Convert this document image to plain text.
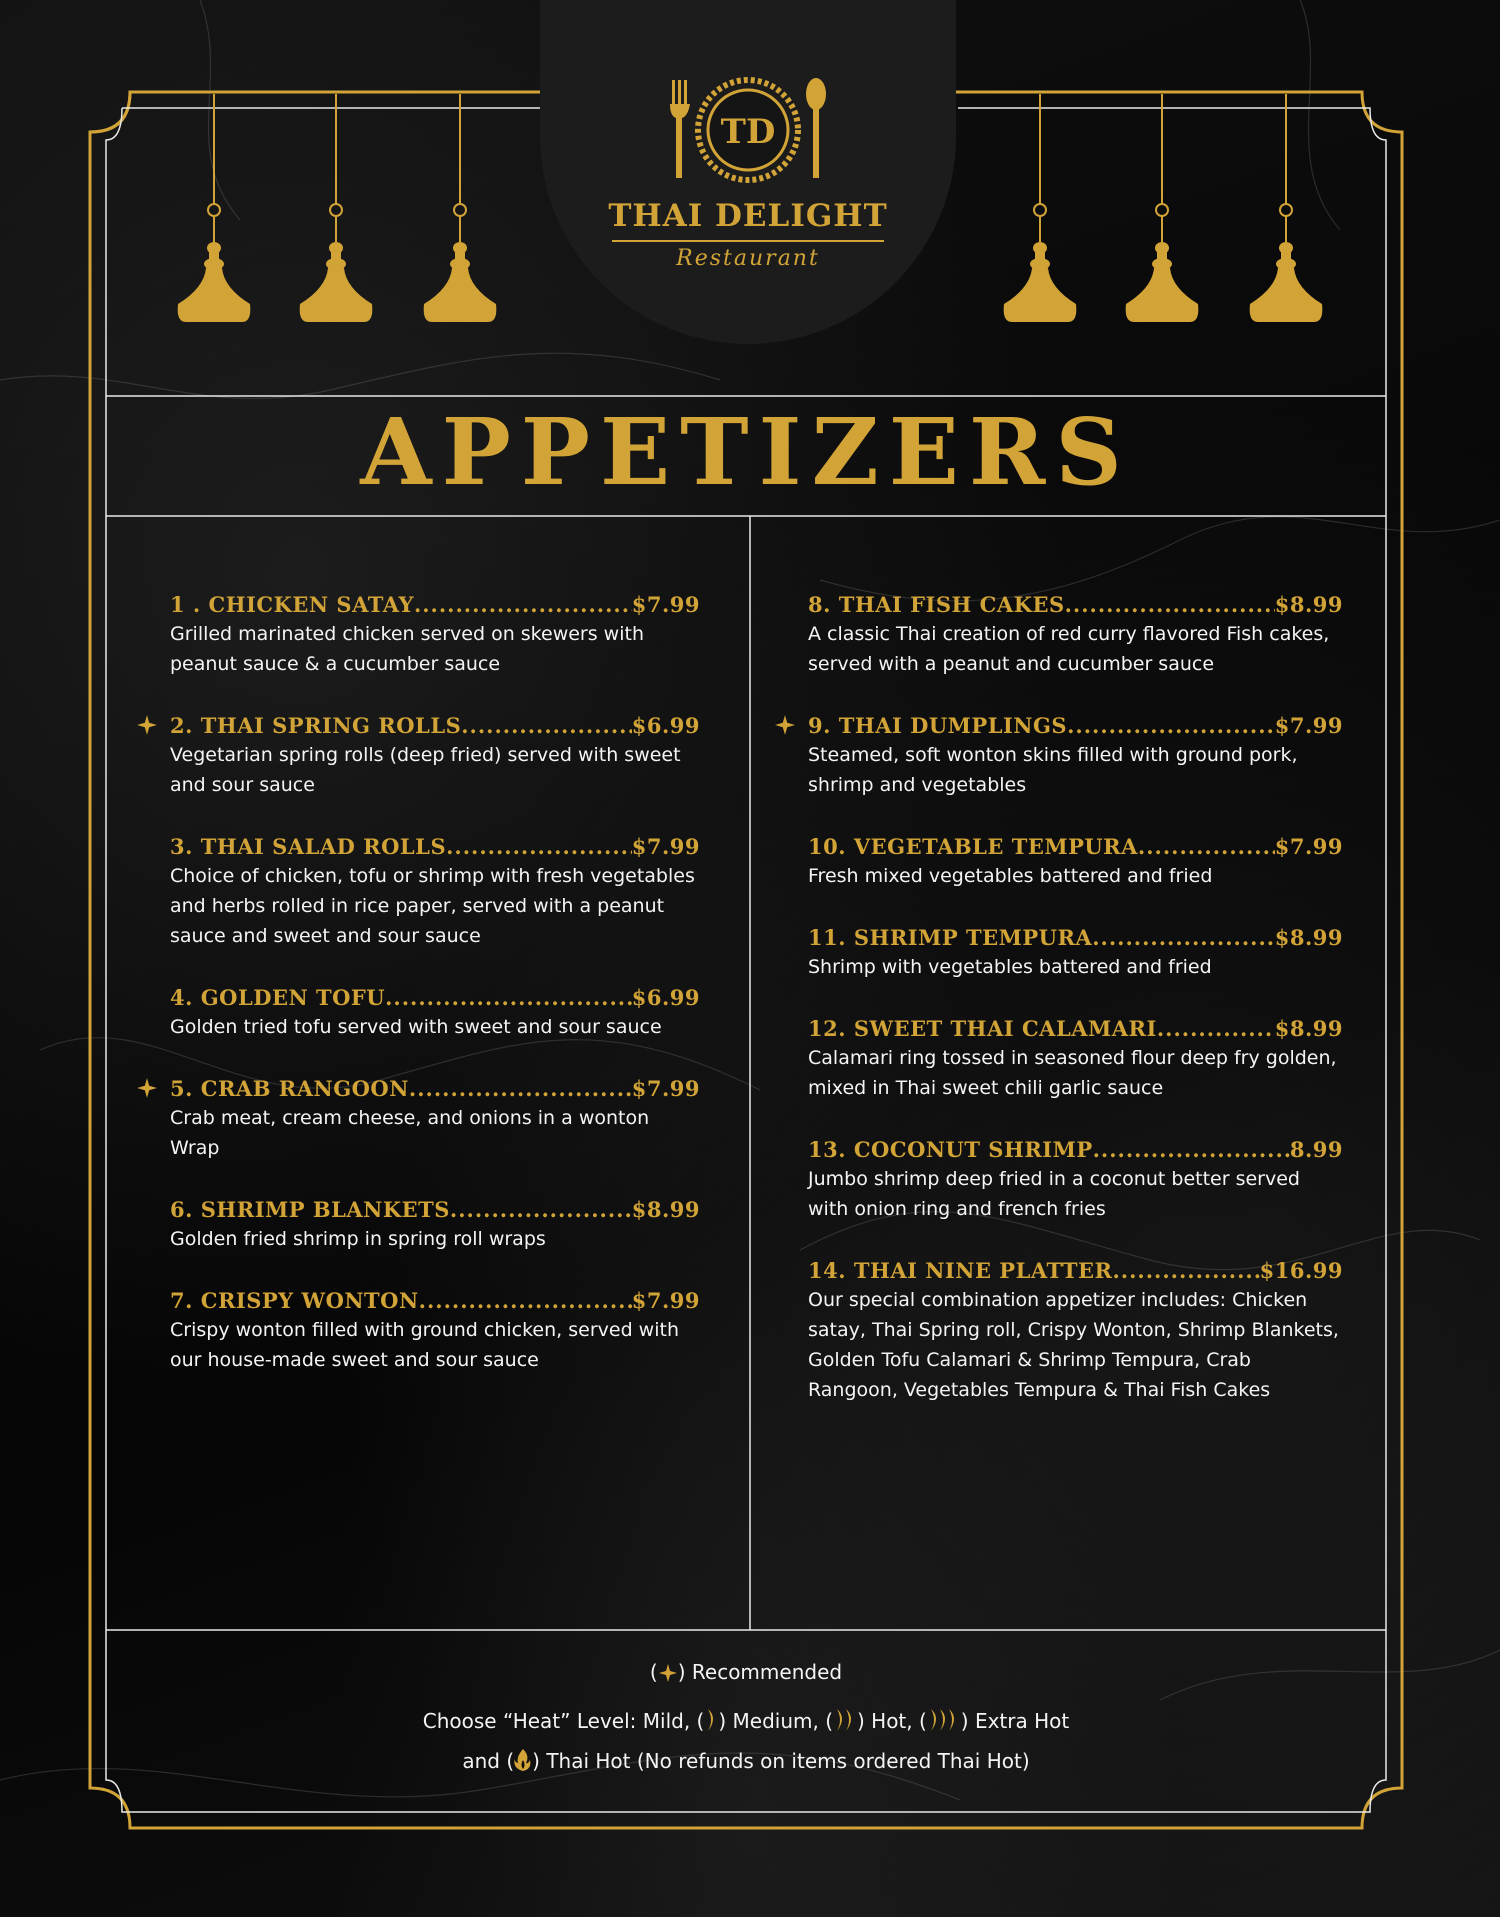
TD
THAI DELIGHT
Restaurant
APPETIZERS
1 . CHICKEN SATAY .....	$7.99
Grilled marinated chicken served on skewers with peanut sauce & a cucumber sauce
2. THAI SPRING ROLLS .....	$6.99
Vegetarian spring rolls (deep fried) served with sweet and sour sauce
3. THAI SALAD ROLLS .....	$7.99
Choice of chicken, tofu or shrimp with fresh vegetables and herbs rolled in rice paper, served with a peanut sauce and sweet and sour sauce
4. GOLDEN TOFU .....	$6.99
Golden tried tofu served with sweet and sour sauce
5. CRAB RANGOON .....	$7.99
Crab meat, cream cheese, and onions in a wonton Wrap
6. SHRIMP BLANKETS .....	$8.99
Golden fried shrimp in spring roll wraps
7. CRISPY WONTON .....	$7.99
Crispy wonton filled with ground chicken, served with our house-made sweet and sour sauce
8. THAI FISH CAKES .....	$8.99
A classic Thai creation of red curry flavored Fish cakes, served with a peanut and cucumber sauce
9. THAI DUMPLINGS .....	$7.99
Steamed, soft wonton skins filled with ground pork, shrimp and vegetables
10. VEGETABLE TEMPURA .....	$7.99
Fresh mixed vegetables battered and fried
11. SHRIMP TEMPURA .....	$8.99
Shrimp with vegetables battered and fried
12. SWEET THAI CALAMARI .....	$8.99
Calamari ring tossed in seasoned flour deep fry golden, mixed in Thai sweet chili garlic sauce
13. COCONUT SHRIMP .....	8.99
Jumbo shrimp deep fried in a coconut better served with onion ring and french fries
14. THAI NINE PLATTER .....	$16.99
Our special combination appetizer includes: Chicken satay, Thai Spring roll, Crispy Wonton, Shrimp Blankets, Golden Tofu Calamari & Shrimp Tempura, Crab Rangoon, Vegetables Tempura & Thai Fish Cakes
( ) Recommended
Choose “Heat” Level: Mild, ( ) Medium, ( ) Hot, ( ) Extra Hot
and ( ) Thai Hot (No refunds on items ordered Thai Hot)
